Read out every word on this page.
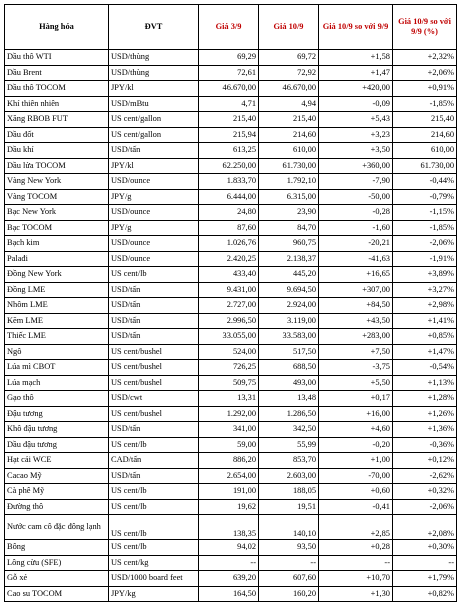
Hàng hóa	ĐVT	Giá 3/9	Giá 10/9	Giá 10/9 so với 9/9	Giá 10/9 so với 9/9 (%)
Dầu thô WTI	USD/thùng	69,29	69,72	+1,58	+2,32%
Dầu Brent	USD/thùng	72,61	72,92	+1,47	+2,06%
Dầu thô TOCOM	JPY/kl	46.670,00	46.670,00	+420,00	+0,91%
Khí thiên nhiên	USD/mBtu	4,71	4,94	-0,09	-1,85%
Xăng RBOB FUT	US cent/gallon	215,40	215,40	+5,43	215,40
Dầu đốt	US cent/gallon	215,94	214,60	+3,23	214,60
Dầu khí	USD/tấn	613,25	610,00	+3,50	610,00
Dầu lửa TOCOM	JPY/kl	62.250,00	61.730,00	+360,00	61.730,00
Vàng New York	USD/ounce	1.833,70	1.792,10	-7,90	-0,44%
Vàng TOCOM	JPY/g	6.444,00	6.315,00	-50,00	-0,79%
Bạc New York	USD/ounce	24,80	23,90	-0,28	-1,15%
Bạc TOCOM	JPY/g	87,60	84,70	-1,60	-1,85%
Bạch kim	USD/ounce	1.026,76	960,75	-20,21	-2,06%
Palađi	USD/ounce	2.420,25	2.138,37	-41,63	-1,91%
Đồng New York	US cent/lb	433,40	445,20	+16,65	+3,89%
Đồng LME	USD/tấn	9.431,00	9.694,50	+307,00	+3,27%
Nhôm LME	USD/tấn	2.727,00	2.924,00	+84,50	+2,98%
Kẽm LME	USD/tấn	2.996,50	3.119,00	+43,50	+1,41%
Thiếc LME	USD/tấn	33.055,00	33.583,00	+283,00	+0,85%
Ngô	US cent/bushel	524,00	517,50	+7,50	+1,47%
Lúa mì CBOT	US cent/bushel	726,25	688,50	-3,75	-0,54%
Lúa mạch	US cent/bushel	509,75	493,00	+5,50	+1,13%
Gạo thô	USD/cwt	13,31	13,48	+0,17	+1,28%
Đậu tương	US cent/bushel	1.292,00	1.286,50	+16,00	+1,26%
Khô đậu tương	USD/tấn	341,00	342,50	+4,60	+1,36%
Dầu đậu tương	US cent/lb	59,00	55,99	-0,20	-0,36%
Hạt cải WCE	CAD/tấn	886,20	853,70	+1,00	+0,12%
Cacao Mỹ	USD/tấn	2.654,00	2.603,00	-70,00	-2,62%
Cà phê Mỹ	US cent/lb	191,00	188,05	+0,60	+0,32%
Đường thô	US cent/lb	19,62	19,51	-0,41	-2,06%
Nước cam cô đặc đông lạnh	US cent/lb	138,35	140,10	+2,85	+2,08%
Bông	US cent/lb	94,02	93,50	+0,28	+0,30%
Lông cừu (SFE)	US cent/kg	--	--	--	--
Gỗ xẻ	USD/1000 board feet	639,20	607,60	+10,70	+1,79%
Cao su TOCOM	JPY/kg	164,50	160,20	+1,30	+0,82%
